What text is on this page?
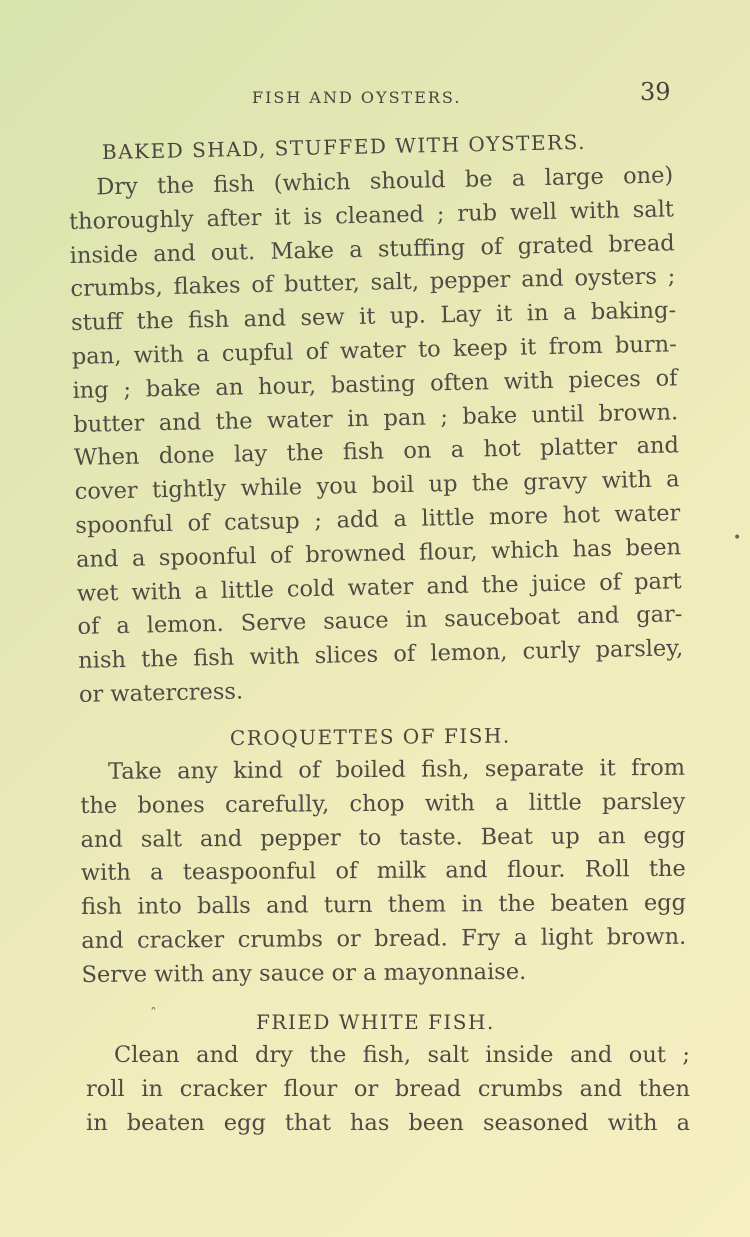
FISH AND OYSTERS.	39
BAKED SHAD, STUFFED WITH OYSTERS.
Dry the fish (which should be a large one)
thoroughly after it is cleaned ; rub well with salt
inside and out. Make a stuffing of grated bread
crumbs, flakes of butter, salt, pepper and oysters ;
stuff the fish and sew it up. Lay it in a baking-
pan, with a cupful of water to keep it from burn-
ing ; bake an hour, basting often with pieces of
butter and the water in pan ; bake until brown.
When done lay the fish on a hot platter and
cover tightly while you boil up the gravy with a
spoonful of catsup ; add a little more hot water
and a spoonful of browned flour, which has been
wet with a little cold water and the juice of part
of a lemon. Serve sauce in sauceboat and gar-
nish the fish with slices of lemon, curly parsley,
or watercress.
CROQUETTES OF FISH.
Take any kind of boiled fish, separate it from
the bones carefully, chop with a little parsley
and salt and pepper to taste. Beat up an egg
with a teaspoonful of milk and flour. Roll the
fish into balls and turn them in the beaten egg
and cracker crumbs or bread. Fry a light brown.
Serve with any sauce or a mayonnaise.
FRIED WHITE FISH.
Clean and dry the fish, salt inside and out ;
roll in cracker flour or bread crumbs and then
in beaten egg that has been seasoned with a
ˆ
•
